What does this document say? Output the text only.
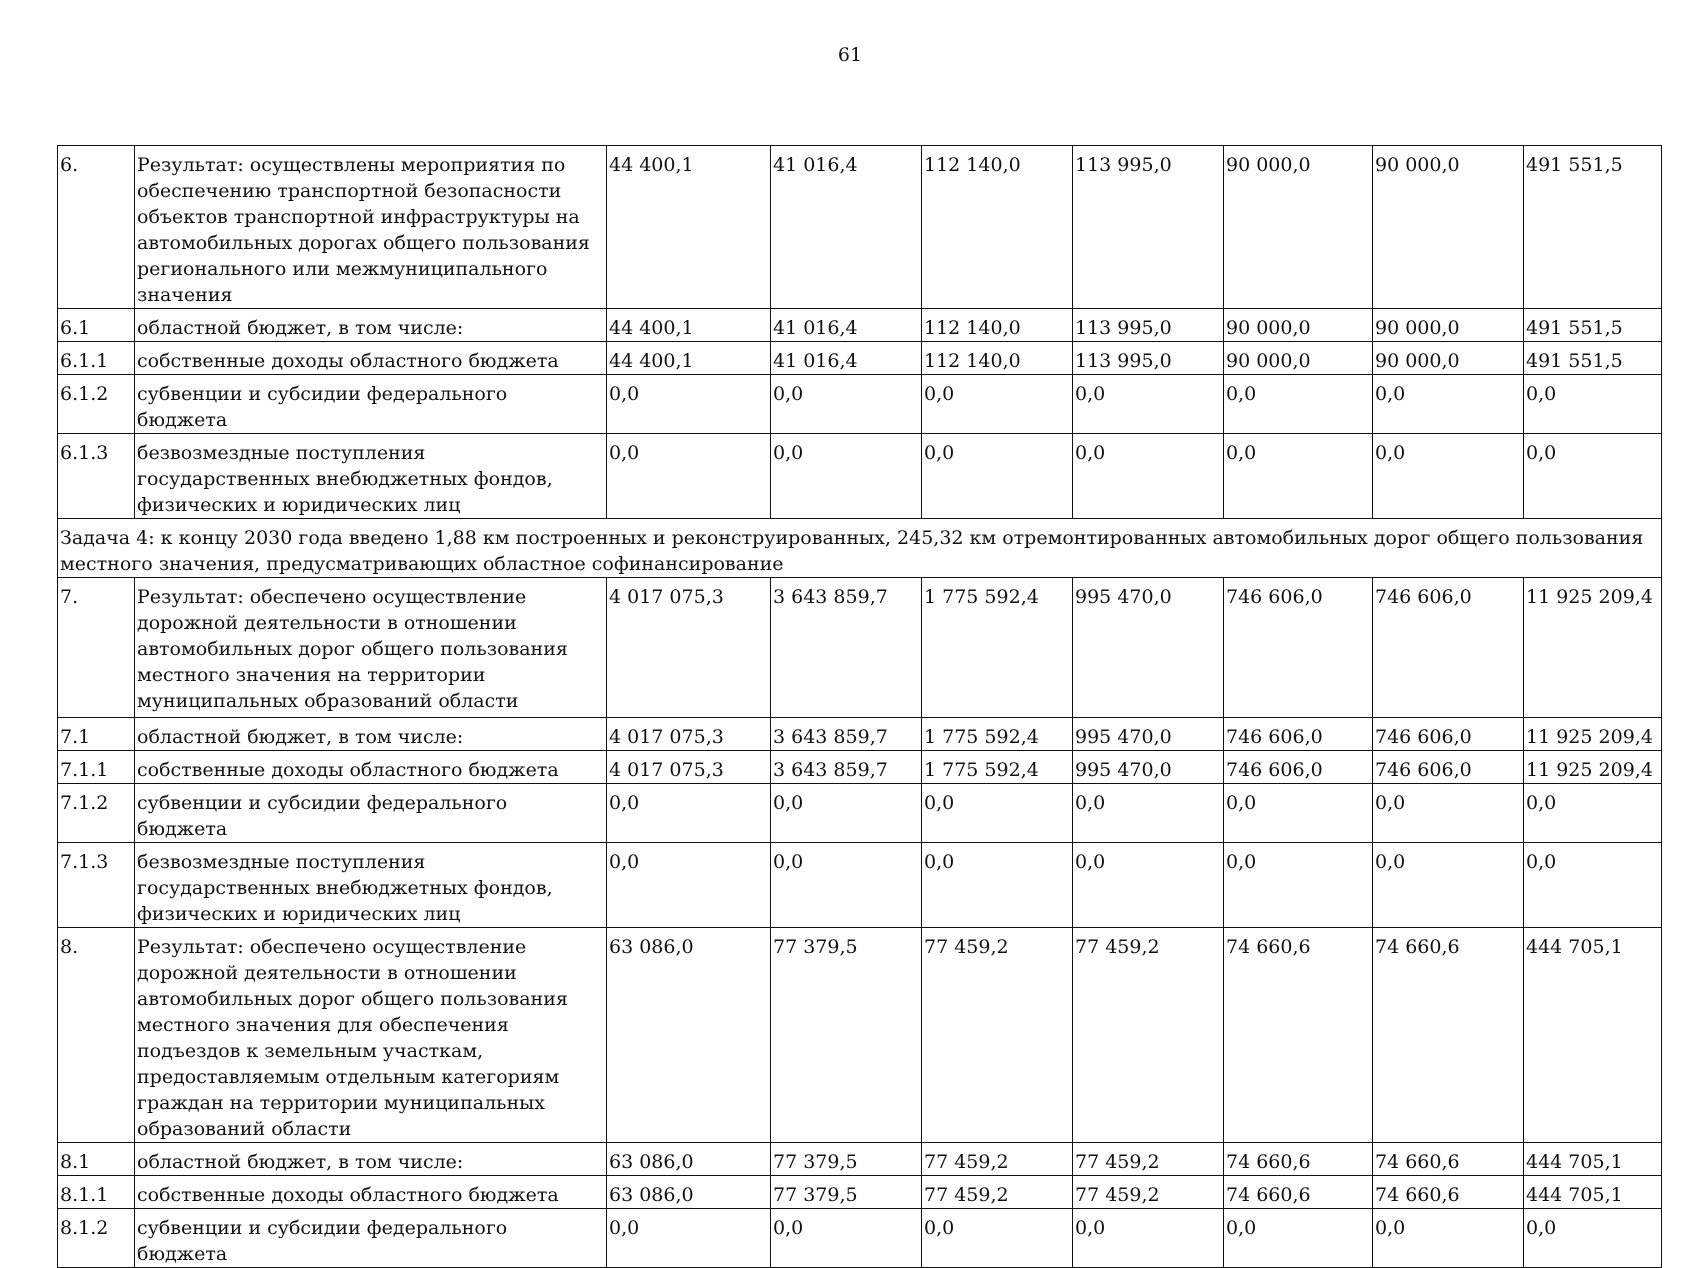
61
6.	Результат: осуществлены мероприятия по обеспечению транспортной безопасности объектов транспортной инфраструктуры на автомобильных дорогах общего пользования регионального или межмуниципального значения	44 400,1	41 016,4	112 140,0	113 995,0	90 000,0	90 000,0	491 551,5
6.1	областной бюджет, в том числе:	44 400,1	41 016,4	112 140,0	113 995,0	90 000,0	90 000,0	491 551,5
6.1.1	собственные доходы областного бюджета	44 400,1	41 016,4	112 140,0	113 995,0	90 000,0	90 000,0	491 551,5
6.1.2	субвенции и субсидии федерального бюджета	0,0	0,0	0,0	0,0	0,0	0,0	0,0
6.1.3	безвозмездные поступления государственных внебюджетных фондов, физических и юридических лиц	0,0	0,0	0,0	0,0	0,0	0,0	0,0
Задача 4: к концу 2030 года введено 1,88 км построенных и реконструированных, 245,32 км отремонтированных автомобильных дорог общего пользования местного значения, предусматривающих областное софинансирование								
7.	Результат: обеспечено осуществление дорожной деятельности в отношении автомобильных дорог общего пользования местного значения на территории муниципальных образований области	4 017 075,3	3 643 859,7	1 775 592,4	995 470,0	746 606,0	746 606,0	11 925 209,4
7.1	областной бюджет, в том числе:	4 017 075,3	3 643 859,7	1 775 592,4	995 470,0	746 606,0	746 606,0	11 925 209,4
7.1.1	собственные доходы областного бюджета	4 017 075,3	3 643 859,7	1 775 592,4	995 470,0	746 606,0	746 606,0	11 925 209,4
7.1.2	субвенции и субсидии федерального бюджета	0,0	0,0	0,0	0,0	0,0	0,0	0,0
7.1.3	безвозмездные поступления государственных внебюджетных фондов, физических и юридических лиц	0,0	0,0	0,0	0,0	0,0	0,0	0,0
8.	Результат: обеспечено осуществление дорожной деятельности в отношении автомобильных дорог общего пользования местного значения для обеспечения подъездов к земельным участкам, предоставляемым отдельным категориям граждан на территории муниципальных образований области	63 086,0	77 379,5	77 459,2	77 459,2	74 660,6	74 660,6	444 705,1
8.1	областной бюджет, в том числе:	63 086,0	77 379,5	77 459,2	77 459,2	74 660,6	74 660,6	444 705,1
8.1.1	собственные доходы областного бюджета	63 086,0	77 379,5	77 459,2	77 459,2	74 660,6	74 660,6	444 705,1
8.1.2	субвенции и субсидии федерального бюджета	0,0	0,0	0,0	0,0	0,0	0,0	0,0
